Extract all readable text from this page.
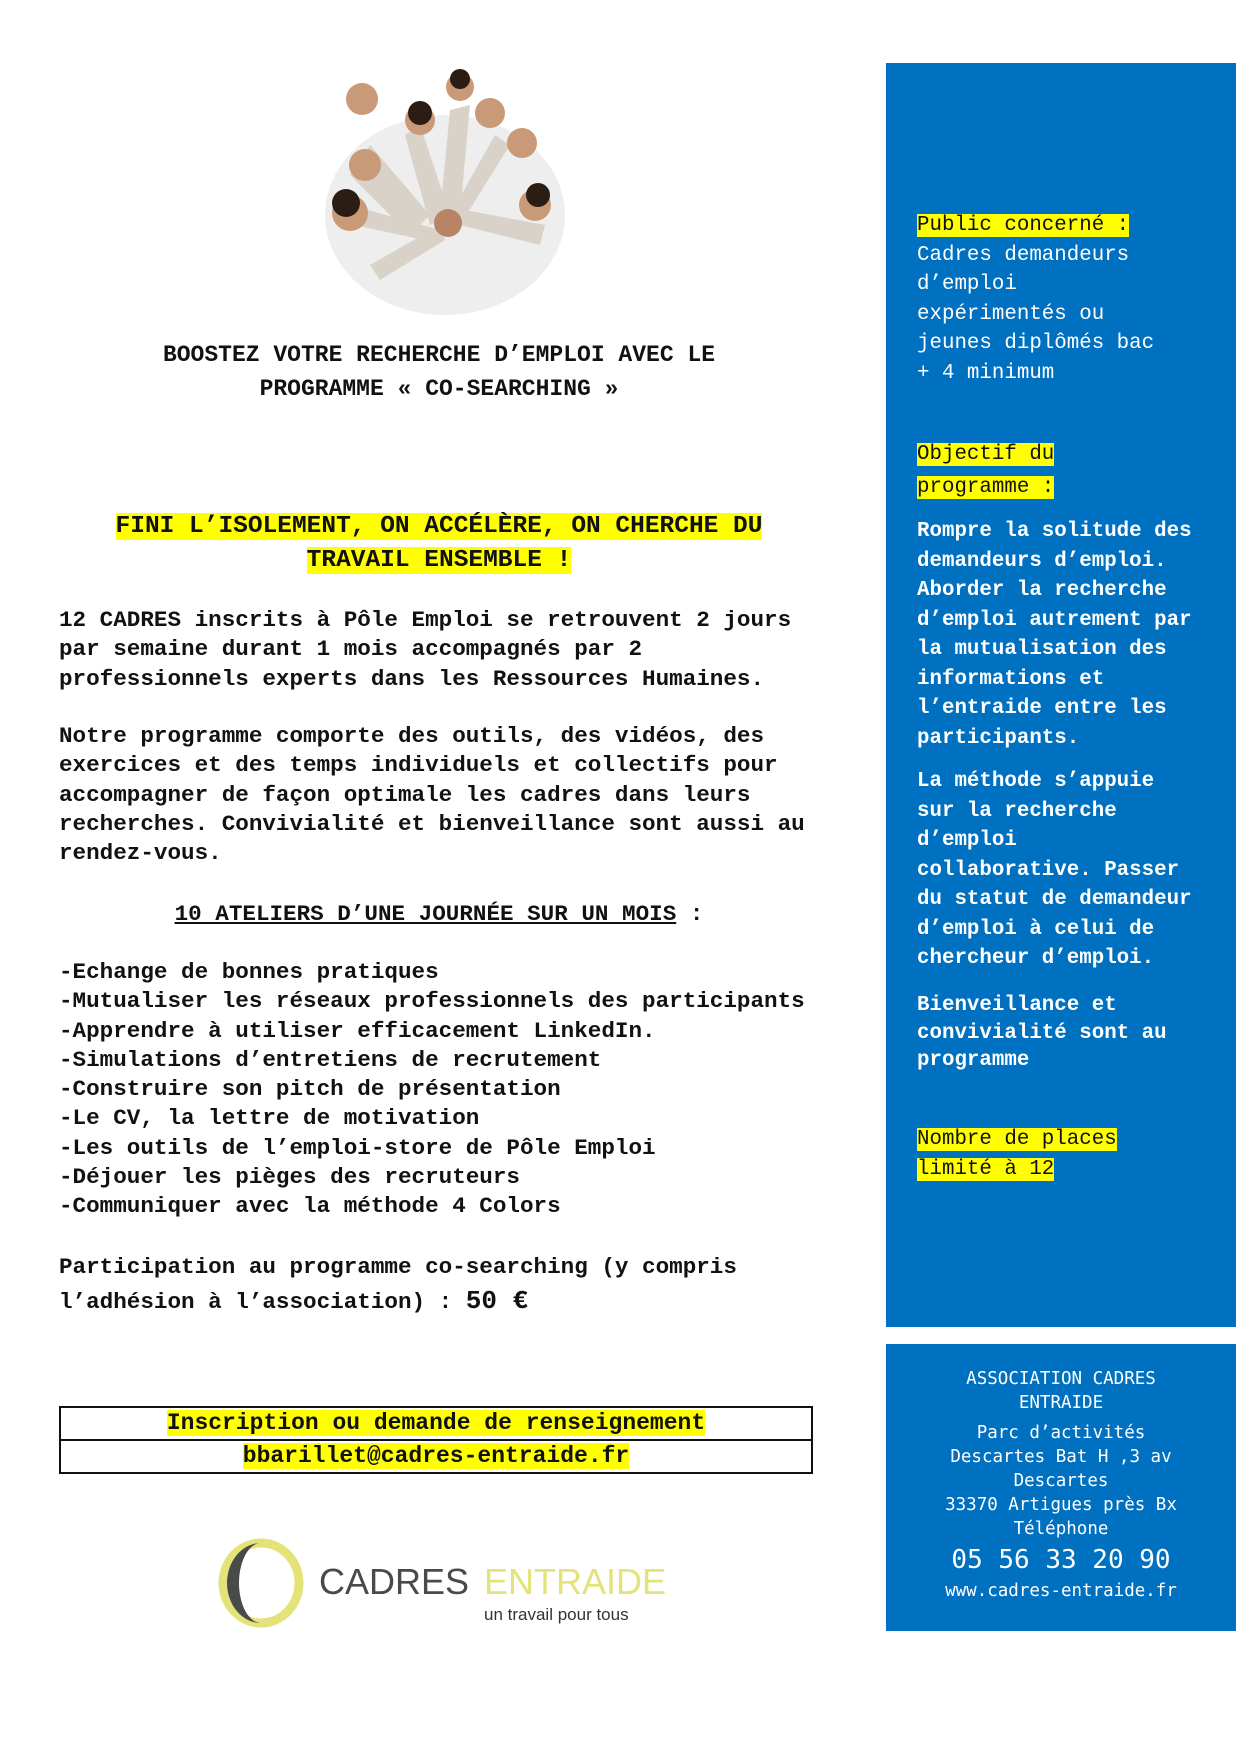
BOOSTEZ VOTRE RECHERCHE D’EMPLOI AVEC LE
PROGRAMME « CO-SEARCHING »
FINI L’ISOLEMENT, ON ACCÉLÈRE, ON CHERCHE DU
TRAVAIL ENSEMBLE !
12 CADRES inscrits à Pôle Emploi se retrouvent 2 jours
par semaine durant 1 mois accompagnés par 2
professionnels experts dans les Ressources Humaines.
Notre programme comporte des outils, des vidéos, des
exercices et des temps individuels et collectifs pour
accompagner de façon optimale les cadres dans leurs
recherches. Convivialité et bienveillance sont aussi au
rendez-vous.
10 ATELIERS D’UNE JOURNÉE SUR UN MOIS :
-Echange de bonnes pratiques
-Mutualiser les réseaux professionnels des participants
-Apprendre à utiliser efficacement LinkedIn.
-Simulations d’entretiens de recrutement
-Construire son pitch de présentation
-Le CV, la lettre de motivation
-Les outils de l’emploi-store de Pôle Emploi
-Déjouer les pièges des recruteurs
-Communiquer avec la méthode 4 Colors
Participation au programme co-searching (y compris
l’adhésion à l’association) : 50 €
Inscription ou demande de renseignement
bbarillet@cadres-entraide.fr
CADRES ENTRAIDE
un travail pour tous
Public concerné :
Cadres demandeurs
d’emploi
expérimentés ou
jeunes diplômés bac
+ 4 minimum
Objectif du
programme :
Rompre la solitude des
demandeurs d’emploi.
Aborder la recherche
d’emploi autrement par
la mutualisation des
informations et
l’entraide entre les
participants.
La méthode s’appuie
sur la recherche
d’emploi
collaborative. Passer
du statut de demandeur
d’emploi à celui de
chercheur d’emploi.
Bienveillance et
convivialité sont au
programme
Nombre de places
limité à 12
ASSOCIATION CADRES
ENTRAIDE
Parc d’activités
Descartes Bat H ,3 av
Descartes
33370 Artigues près Bx
Téléphone
05 56 33 20 90
www.cadres-entraide.fr
